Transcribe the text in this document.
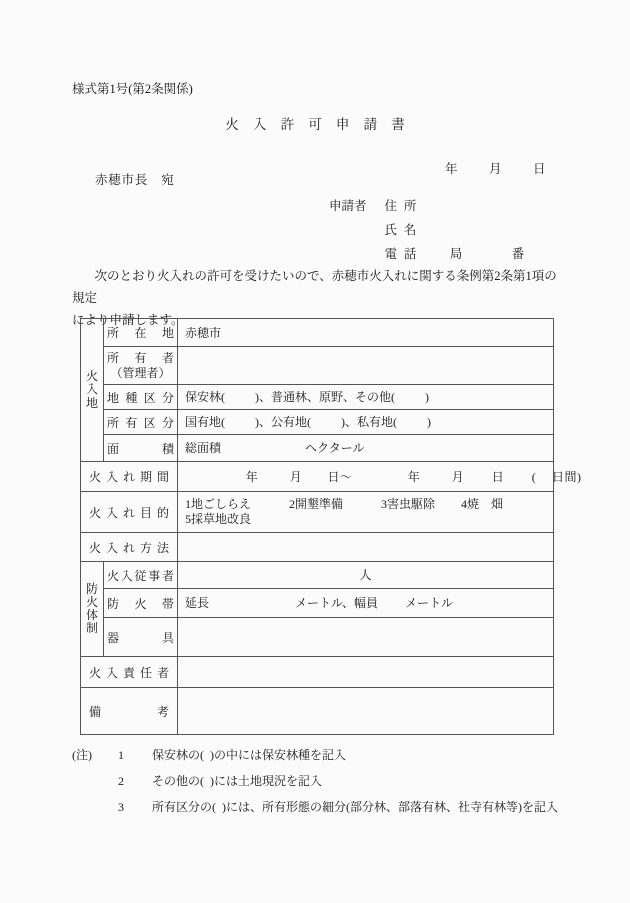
様式第1号(第2条関係)
火入許可申請書

年 月 日

赤穂市長　宛
申請者 住所
氏名
電話 局	番
次のとおり火入れの許可を受けたいので、赤穂市火入れに関する条例第2条第1項の規定
により申請します。
火
入
地	所在地	赤穂市

	所有者
（管理者）	

	地種区分	保安林( )、普通林、原野、その他( )

	所有区分	国有地( )、公有地( )、私有地( )

	面積	総面積 ヘクタール

火入れ期間		年 月 日～ 年 月 日 ( 日間)

火入れ目的		1地ごしらえ 2開墾準備 3害虫駆除 4焼　畑
5採草地改良

火入れ方法		

防
火
体
制	火入従事者	人

	防火帯	延長 メートル、幅員 メートル

	器具	

火入責任者		

備考		

(注) 1 保安林の(  )の中には保安林種を記入
2 その他の(  )には土地現況を記入
3 所有区分の(  )には、所有形態の細分(部分林、部落有林、社寺有林等)を記入
